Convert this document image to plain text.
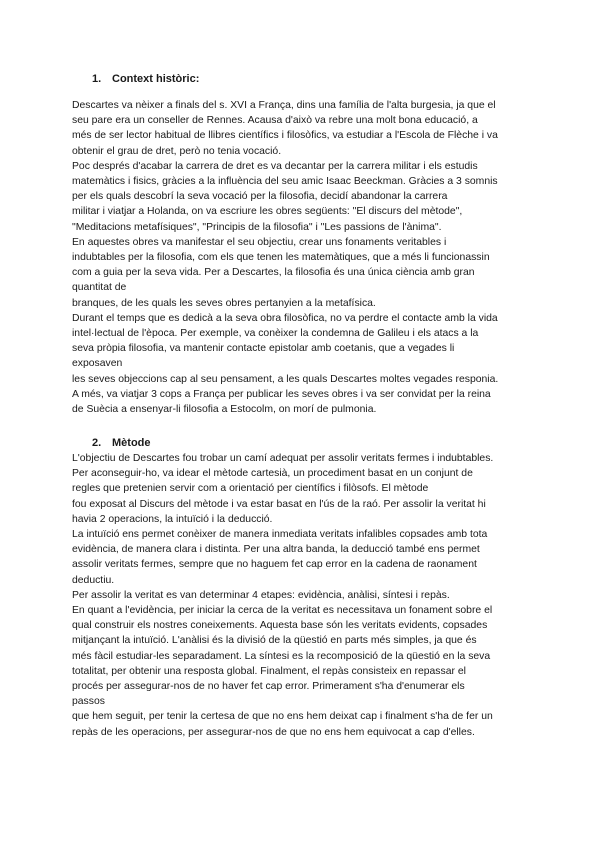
1. Context històric:
Descartes va nèixer a finals del s. XVI a França, dins una família de l'alta burgesia, ja que el
seu pare era un conseller de Rennes. Acausa d'això va rebre una molt bona educació, a
més de ser lector habitual de llibres científics i filosòfics, va estudiar a l'Escola de Flèche i va
obtenir el grau de dret, però no tenia vocació.
Poc després d'acabar la carrera de dret es va decantar per la carrera militar i els estudis
matemàtics i fisics, gràcies a la influència del seu amic Isaac Beeckman. Gràcies a 3 somnis
per els quals descobrí la seva vocació per la filosofia, decidí abandonar la carrera
militar i viatjar a Holanda, on va escriure les obres següents: "El discurs del mètode",
"Meditacions metafísiques", "Principis de la filosofia" i "Les passions de l'ànima".
En aquestes obres va manifestar el seu objectiu, crear uns fonaments veritables i
indubtables per la filosofia, com els que tenen les matemàtiques, que a més li funcionassin
com a guia per la seva vida. Per a Descartes, la filosofia és una única ciència amb gran
quantitat de
branques, de les quals les seves obres pertanyien a la metafísica.
Durant el temps que es dedicà a la seva obra filosòfica, no va perdre el contacte amb la vida
intel·lectual de l'època. Per exemple, va conèixer la condemna de Galileu i els atacs a la
seva pròpia filosofia, va mantenir contacte epistolar amb coetanis, que a vegades li
exposaven
les seves objeccions cap al seu pensament, a les quals Descartes moltes vegades responia.
A més, va viatjar 3 cops a França per publicar les seves obres i va ser convidat per la reina
de Suècia a ensenyar-li filosofia a Estocolm, on morí de pulmonia.
2. Mètode
L'objectiu de Descartes fou trobar un camí adequat per assolir veritats fermes i indubtables.
Per aconseguir-ho, va idear el mètode cartesià, un procediment basat en un conjunt de
regles que pretenien servir com a orientació per científics i filòsofs. El mètode
fou exposat al Discurs del mètode i va estar basat en l'ús de la raó. Per assolir la veritat hi
havia 2 operacions, la intuïció i la deducció.
La intuïció ens permet conèixer de manera inmediata veritats infalibles copsades amb tota
evidència, de manera clara i distinta. Per una altra banda, la deducció també ens permet
assolir veritats fermes, sempre que no haguem fet cap error en la cadena de raonament
deductiu.
Per assolir la veritat es van determinar 4 etapes: evidència, anàlisi, síntesi i repàs.
En quant a l'evidència, per iniciar la cerca de la veritat es necessitava un fonament sobre el
qual construir els nostres coneixements. Aquesta base són les veritats evidents, copsades
mitjançant la intuïció. L'anàlisi és la divisió de la qüestió en parts més simples, ja que és
més fàcil estudiar-les separadament. La síntesi es la recomposició de la qüestió en la seva
totalitat, per obtenir una resposta global. Finalment, el repàs consisteix en repassar el
procés per assegurar-nos de no haver fet cap error. Primerament s'ha d'enumerar els
passos
que hem seguit, per tenir la certesa de que no ens hem deixat cap i finalment s'ha de fer un
repàs de les operacions, per assegurar-nos de que no ens hem equivocat a cap d'elles.
